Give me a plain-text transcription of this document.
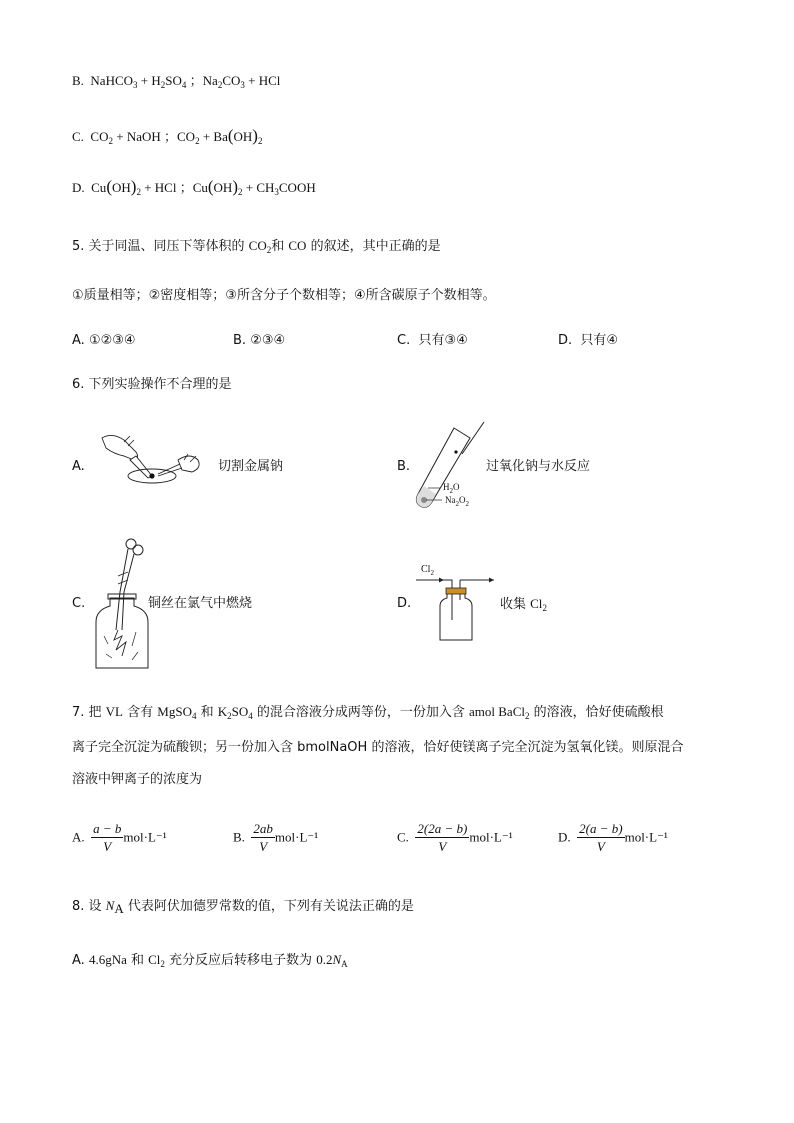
B.  NaHCO$_3$ + $H_2SO_4$ ；$Na_2CO_3$ + HCl
C.  $CO_2$ + NaOH ；$CO_2 + Ba(OH)_2$
D.  $Cu(OH)_2$ + HCl ；$Cu(OH)_2$ + $CH_3COOH$
5. 关于同温、同压下等体积的 $CO_2$和 CO 的叙述，其中正确的是
①质量相等；②密度相等；③所含分子个数相等；④所含碳原子个数相等。
A. ①②③④	B. ②③④	C. 只有③④	D. 只有④
6. 下列实验操作不合理的是
A.	切割金属钠	B.
$H_2O$
$Na_2O_2$
过氧化钠与水反应
C.	铜丝在氯气中燃烧	D.
$Cl_2$
收集 $Cl_2$
7. 把 VL 含有 MgSO$_4$ 和 $K_2SO_4$ 的混合溶液分成两等份，一份加入含 amol BaCl$_2$ 的溶液，恰好使硫酸根
离子完全沉淀为硫酸钡；另一份加入含 bmolNaOH 的溶液，恰好使镁离子完全沉淀为氢氧化镁。则原混合
溶液中钾离子的浓度为
A. $\frac{a - b}{V} mol\cdot L^{-1}$	B. $\frac{2ab}{V} mol\cdot L^{-1}$	C. $\frac{2(2a - b)}{V} mol\cdot L^{-1}$	D. $\frac{2(a - b)}{V} mol\cdot L^{-1}$
8. 设 $N_A$ 代表阿伏加德罗常数的值，下列有关说法正确的是
A. 4.6gNa 和 $Cl_2$ 充分反应后转移电子数为 $0.2N_A$
